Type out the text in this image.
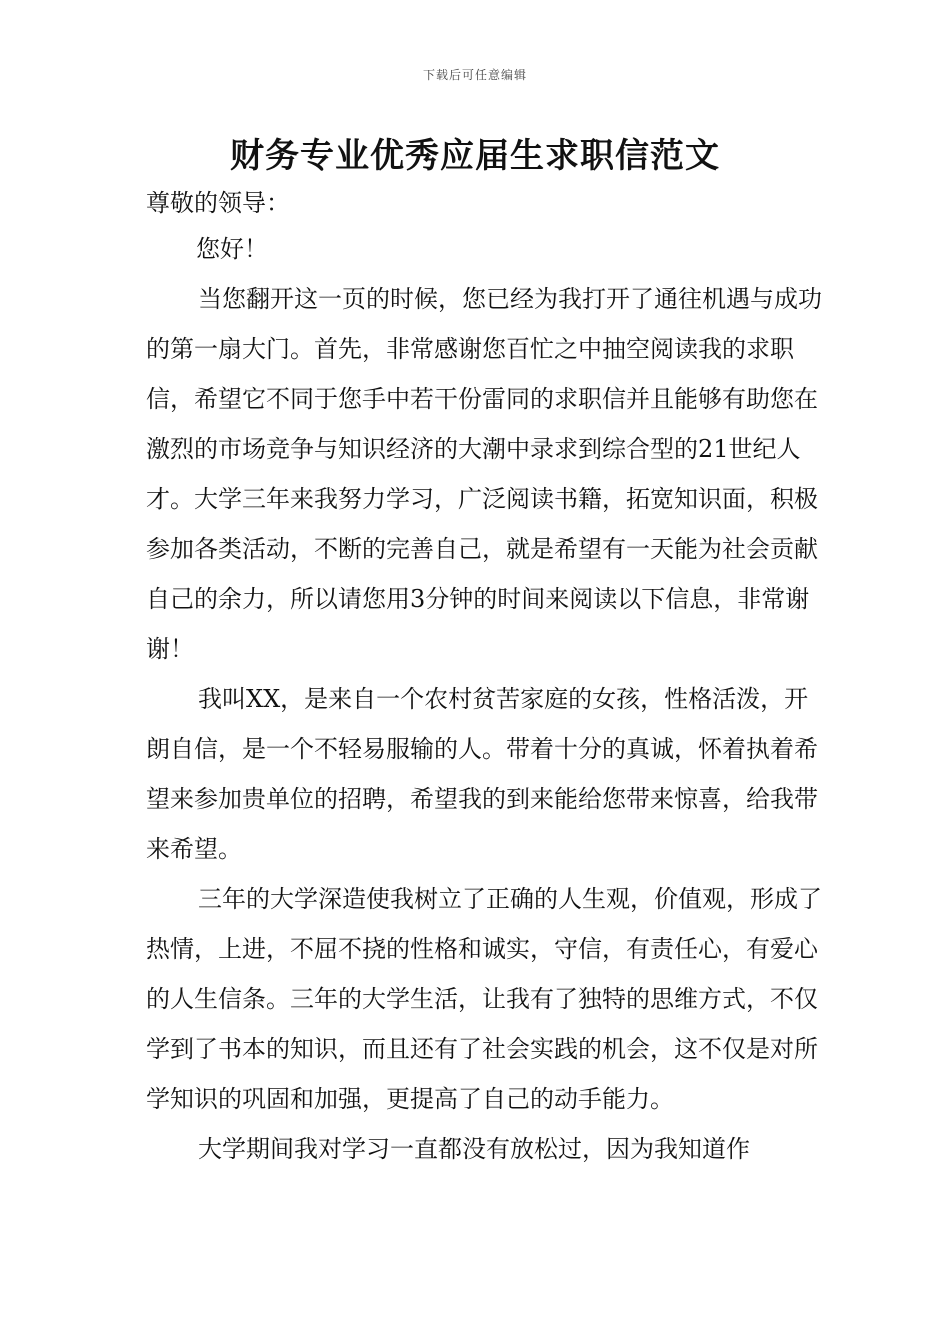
下载后可任意编辑
财务专业优秀应届生求职信范文
尊敬的领导：
您好！

当您翻开这一页的时候，您已经为我打开了通往机遇与成功的第一扇大门。首先，非常感谢您百忙之中抽空阅读我的求职信，希望它不同于您手中若干份雷同的求职信并且能够有助您在激烈的市场竞争与知识经济的大潮中录求到综合型的21世纪人才。大学三年来我努力学习，广泛阅读书籍，拓宽知识面，积极参加各类活动，不断的完善自己，就是希望有一天能为社会贡献自己的余力，所以请您用3分钟的时间来阅读以下信息，非常谢谢！

我叫XX，是来自一个农村贫苦家庭的女孩，性格活泼，开朗自信，是一个不轻易服输的人。带着十分的真诚，怀着执着希望来参加贵单位的招聘，希望我的到来能给您带来惊喜，给我带来希望。

三年的大学深造使我树立了正确的人生观，价值观，形成了热情，上进，不屈不挠的性格和诚实，守信，有责任心，有爱心的人生信条。三年的大学生活，让我有了独特的思维方式，不仅学到了书本的知识，而且还有了社会实践的机会，这不仅是对所学知识的巩固和加强，更提高了自己的动手能力。

大学期间我对学习一直都没有放松过，因为我知道作
